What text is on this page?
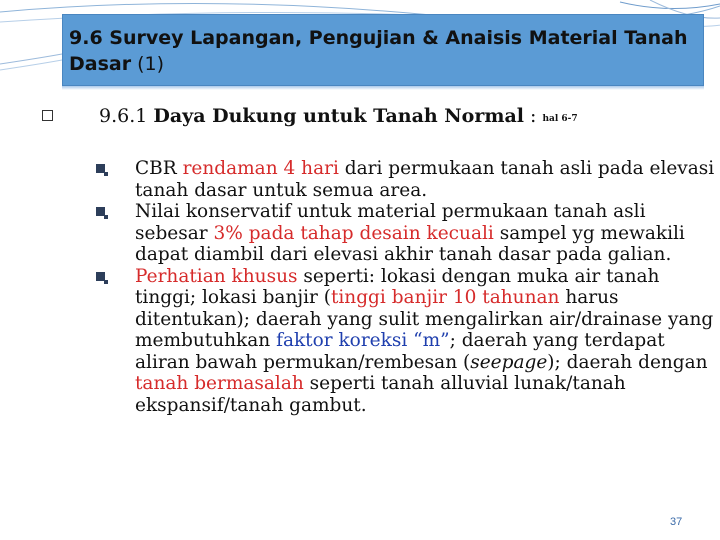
9.6 Survey Lapangan, Pengujian & Anaisis Material Tanah
Dasar (1)
9.6.1 Daya Dukung untuk Tanah Normal : hal 6-7
CBR rendaman 4 hari dari permukaan tanah asli pada elevasi tanah dasar untuk semua area.
Nilai konservatif untuk material permukaan tanah asli sebesar 3% pada tahap desain kecuali sampel yg mewakili dapat diambil dari elevasi akhir tanah dasar pada galian.
Perhatian khusus seperti: lokasi dengan muka air tanah tinggi; lokasi banjir (tinggi banjir 10 tahunan harus ditentukan); daerah yang sulit mengalirkan air/drainase yang membutuhkan faktor koreksi “m”; daerah yang terdapat aliran bawah permukan/rembesan (seepage); daerah dengan tanah bermasalah seperti tanah alluvial lunak/tanah ekspansif/tanah gambut.
37
